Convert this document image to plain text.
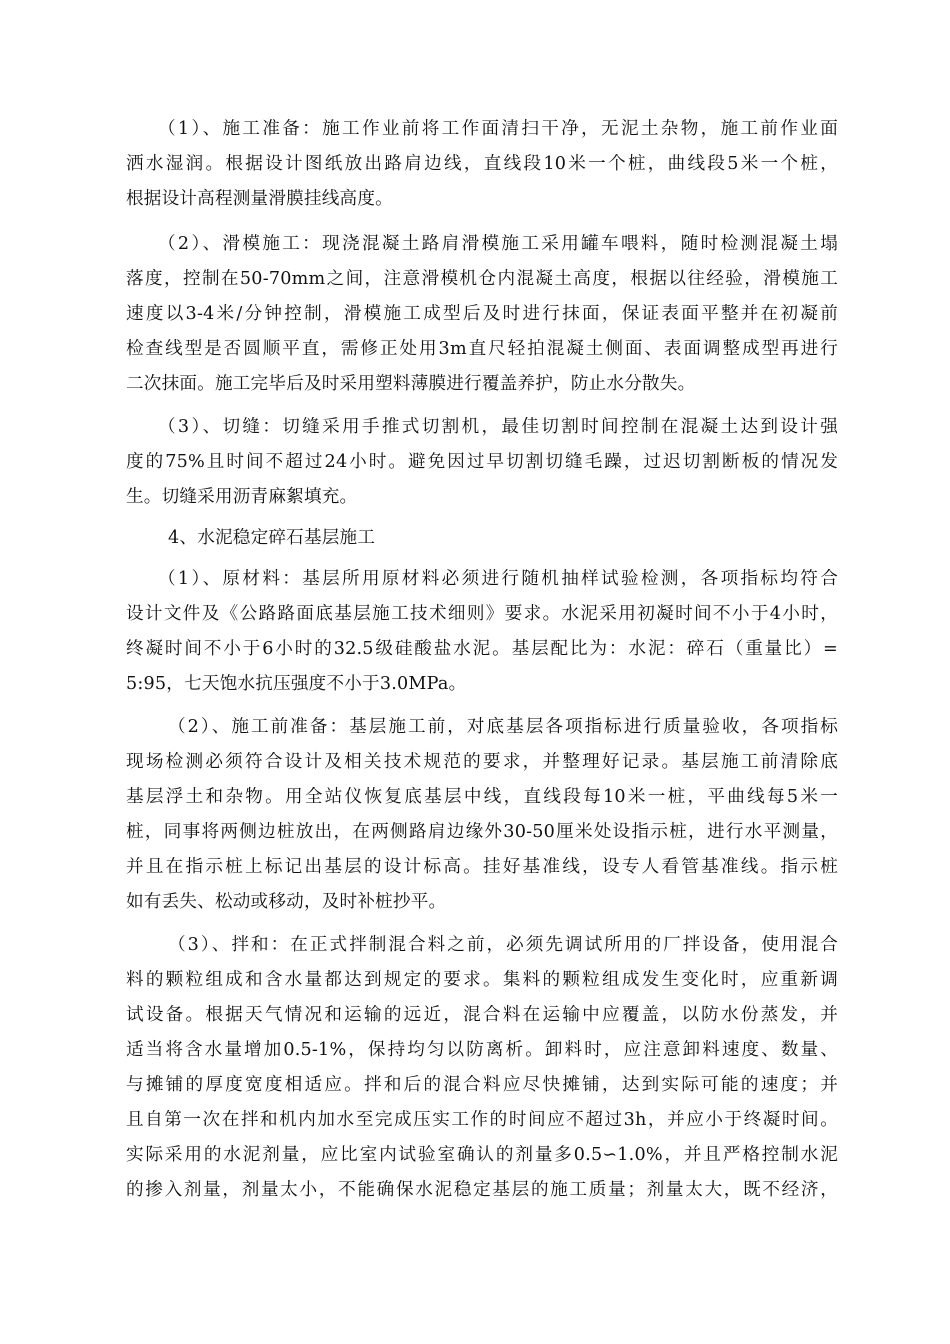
（1）、施工准备：施工作业前将工作面清扫干净，无泥土杂物，施工前作业面
洒水湿润。根据设计图纸放出路肩边线，直线段10米一个桩，曲线段5米一个桩，
根据设计高程测量滑膜挂线高度。
（2）、滑模施工：现浇混凝土路肩滑模施工采用罐车喂料，随时检测混凝土塌
落度，控制在50-70mm之间，注意滑模机仓内混凝土高度，根据以往经验，滑模施工
速度以3-4米/分钟控制，滑模施工成型后及时进行抹面，保证表面平整并在初凝前
检查线型是否圆顺平直，需修正处用3m直尺轻拍混凝土侧面、表面调整成型再进行
二次抹面。施工完毕后及时采用塑料薄膜进行覆盖养护，防止水分散失。
（3）、切缝：切缝采用手推式切割机，最佳切割时间控制在混凝土达到设计强
度的75%且时间不超过24小时。避免因过早切割切缝毛躁，过迟切割断板的情况发
生。切缝采用沥青麻絮填充。
4、水泥稳定碎石基层施工
（1）、原材料：基层所用原材料必须进行随机抽样试验检测，各项指标均符合
设计文件及《公路路面底基层施工技术细则》要求。水泥采用初凝时间不小于4小时，
终凝时间不小于6小时的32.5级硅酸盐水泥。基层配比为：水泥：碎石（重量比）=
5:95，七天饱水抗压强度不小于3.0MPa。
（2）、施工前准备：基层施工前，对底基层各项指标进行质量验收，各项指标
现场检测必须符合设计及相关技术规范的要求，并整理好记录。基层施工前清除底
基层浮土和杂物。用全站仪恢复底基层中线，直线段每10米一桩，平曲线每5米一
桩，同事将两侧边桩放出，在两侧路肩边缘外30-50厘米处设指示桩，进行水平测量，
并且在指示桩上标记出基层的设计标高。挂好基准线，设专人看管基准线。指示桩
如有丢失、松动或移动，及时补桩抄平。
（3）、拌和：在正式拌制混合料之前，必须先调试所用的厂拌设备，使用混合
料的颗粒组成和含水量都达到规定的要求。集料的颗粒组成发生变化时，应重新调
试设备。根据天气情况和运输的远近，混合料在运输中应覆盖，以防水份蒸发，并
适当将含水量增加0.5-1%，保持均匀以防离析。卸料时，应注意卸料速度、数量、
与摊铺的厚度宽度相适应。拌和后的混合料应尽快摊铺，达到实际可能的速度；并
且自第一次在拌和机内加水至完成压实工作的时间应不超过3h，并应小于终凝时间。
实际采用的水泥剂量，应比室内试验室确认的剂量多0.5∽1.0%，并且严格控制水泥
的掺入剂量，剂量太小，不能确保水泥稳定基层的施工质量；剂量太大，既不经济，
